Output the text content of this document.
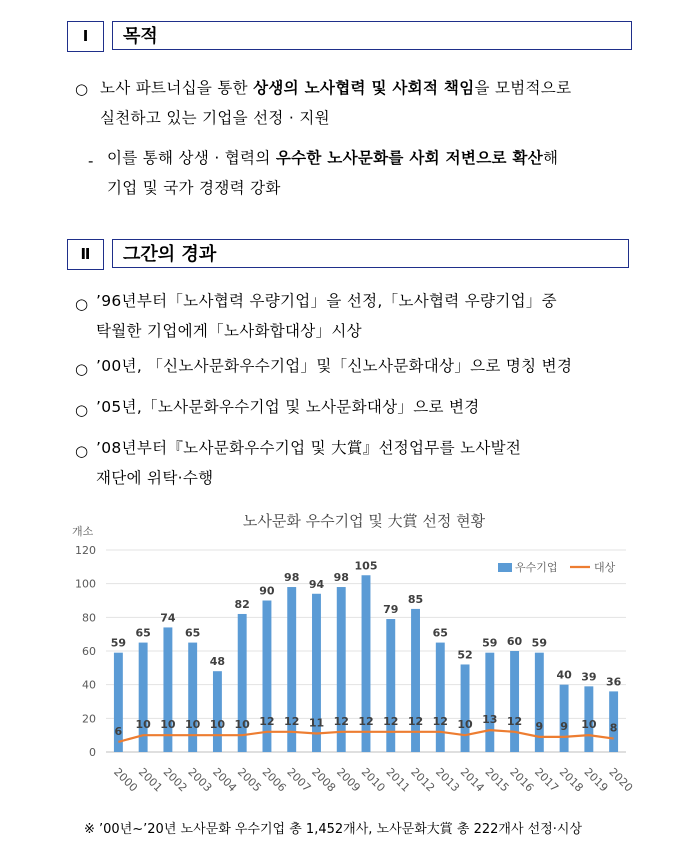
Ⅰ	목적
○ 노사 파트너십을 통한 상생의 노사협력 및 사회적 책임을 모범적으로
실천하고 있는 기업을 선정 · 지원
- 이를 통해 상생 · 협력의 우수한 노사문화를 사회 저변으로 확산해
기업 및 국가 경쟁력 강화
Ⅱ	그간의 경과
○ ’96년부터「노사협력 우량기업」을 선정,「노사협력 우량기업」중
탁월한 기업에게「노사화합대상」시상
○ ’00년, 「신노사문화우수기업」및「신노사문화대상」으로 명칭 변경
○ ’05년,「노사문화우수기업 및 노사문화대상」으로 변경
○ ’08년부터『노사문화우수기업 및 大賞』선정업무를 노사발전
재단에 위탁·수행
노사문화 우수기업 및 大賞 선정 현황
개소
0
20
40
60
80
100
120
59
65
74
65
48
82
90
98
94
98
105
79
85
65
52
59 60 59
40 39 36
6
10 10 10 10 10 12 12 11 12 12 12 12 12 10 13 12 9 9 10 8
2000
2001
2002
2003
2004
2005
2006
2007
2008
2009
2010
2011
2012
2013
2014
2015
2016
2017
2018
2019
2020
우수기업	대상
※ ’00년~’20년 노사문화 우수기업 총 1,452개사, 노사문화大賞 총 222개사 선정·시상
